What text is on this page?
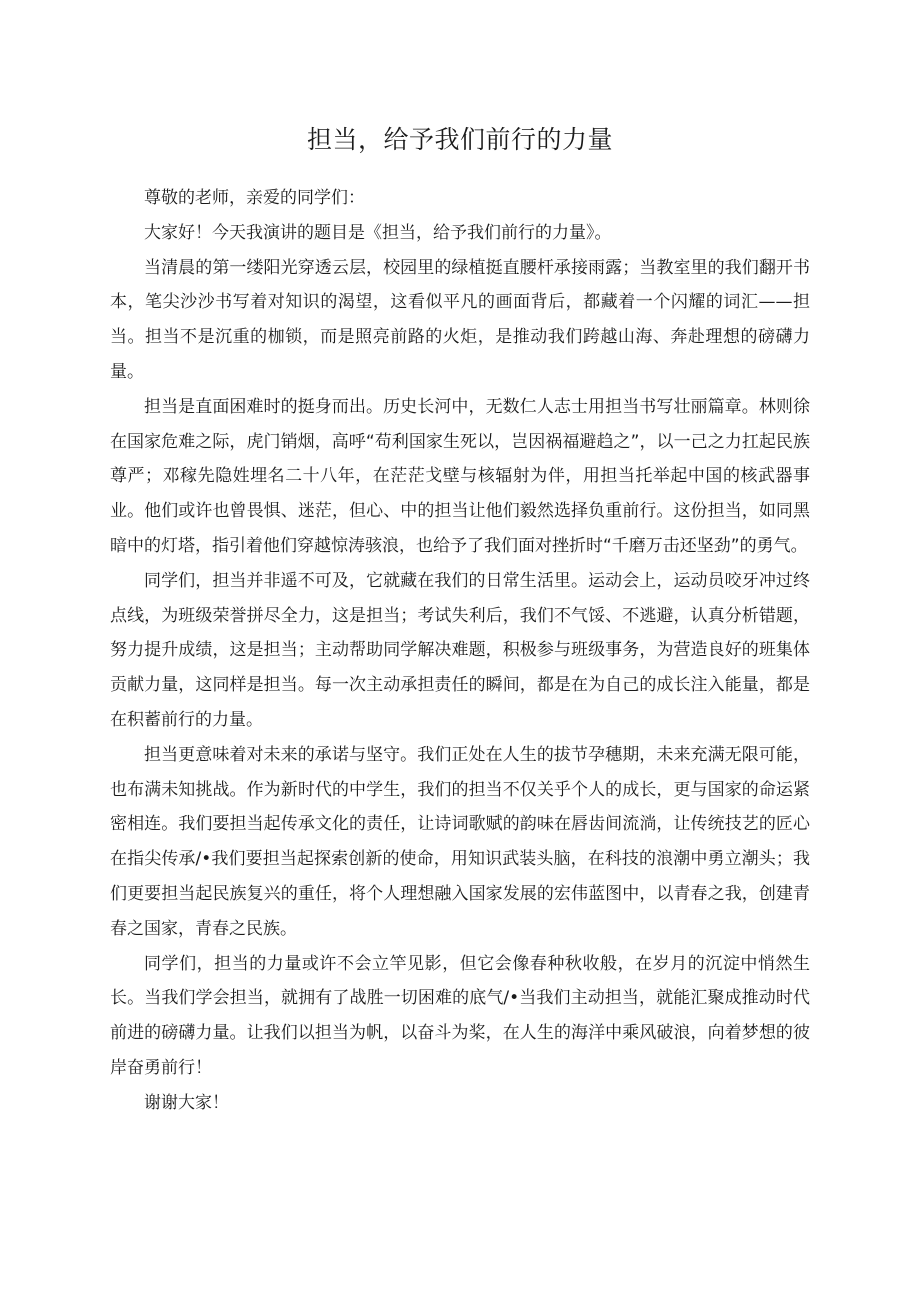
担当，给予我们前行的力量

尊敬的老师，亲爱的同学们：

大家好！今天我演讲的题目是《担当，给予我们前行的力量》。

当清晨的第一缕阳光穿透云层，校园里的绿植挺直腰杆承接雨露；当教室里的我们翻开书本，笔尖沙沙书写着对知识的渴望，这看似平凡的画面背后，都藏着一个闪耀的词汇——担当。担当不是沉重的枷锁，而是照亮前路的火炬，是推动我们跨越山海、奔赴理想的磅礴力量。

担当是直面困难时的挺身而出。历史长河中，无数仁人志士用担当书写壮丽篇章。林则徐在国家危难之际，虎门销烟，高呼“苟利国家生死以，岂因祸福避趋之”，以一己之力扛起民族尊严；邓稼先隐姓埋名二十八年，在茫茫戈壁与核辐射为伴，用担当托举起中国的核武器事业。他们或许也曾畏惧、迷茫，但心、中的担当让他们毅然选择负重前行。这份担当，如同黑暗中的灯塔，指引着他们穿越惊涛骇浪，也给予了我们面对挫折时“千磨万击还坚劲”的勇气。

同学们，担当并非遥不可及，它就藏在我们的日常生活里。运动会上，运动员咬牙冲过终点线，为班级荣誉拼尽全力，这是担当；考试失利后，我们不气馁、不逃避，认真分析错题，努力提升成绩，这是担当；主动帮助同学解决难题，积极参与班级事务，为营造良好的班集体贡献力量，这同样是担当。每一次主动承担责任的瞬间，都是在为自己的成长注入能量，都是在积蓄前行的力量。

担当更意味着对未来的承诺与坚守。我们正处在人生的拔节孕穗期，未来充满无限可能，也布满未知挑战。作为新时代的中学生，我们的担当不仅关乎个人的成长，更与国家的命运紧密相连。我们要担当起传承文化的责任，让诗词歌赋的韵味在唇齿间流淌，让传统技艺的匠心在指尖传承/•我们要担当起探索创新的使命，用知识武装头脑，在科技的浪潮中勇立潮头；我们更要担当起民族复兴的重任，将个人理想融入国家发展的宏伟蓝图中，以青春之我，创建青春之国家，青春之民族。

同学们，担当的力量或许不会立竿见影，但它会像春种秋收般，在岁月的沉淀中悄然生长。当我们学会担当，就拥有了战胜一切困难的底气/•当我们主动担当，就能汇聚成推动时代前进的磅礴力量。让我们以担当为帆，以奋斗为桨，在人生的海洋中乘风破浪，向着梦想的彼岸奋勇前行！

谢谢大家！
